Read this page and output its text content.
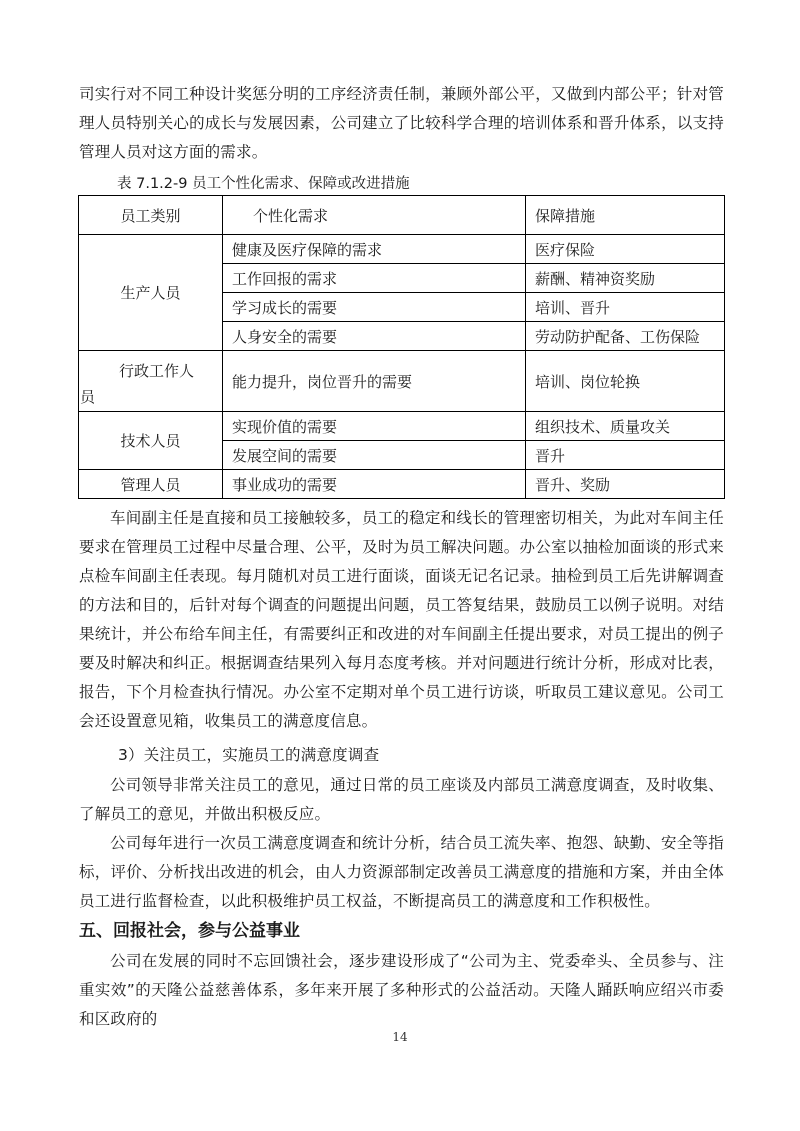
司实行对不同工种设计奖惩分明的工序经济责任制，兼顾外部公平，又做到内部公平；针对管理人员特别关心的成长与发展因素，公司建立了比较科学合理的培训体系和晋升体系，以支持管理人员对这方面的需求。

表 7.1.2-9 员工个性化需求、保障或改进措施

员工类别	个性化需求	保障措施
生产人员	健康及医疗保障的需求	医疗保险
	工作回报的需求	薪酬、精神资奖励
	学习成长的需要	培训、晋升
	人身安全的需要	劳动防护配备、工伤保险

行政工作人
员	能力提升，岗位晋升的需要	培训、岗位轮换
技术人员	实现价值的需要	组织技术、质量攻关
	发展空间的需要	晋升
管理人员	事业成功的需要	晋升、奖励

车间副主任是直接和员工接触较多，员工的稳定和线长的管理密切相关，为此对车间主任要求在管理员工过程中尽量合理、公平，及时为员工解决问题。办公室以抽检加面谈的形式来点检车间副主任表现。每月随机对员工进行面谈，面谈无记名记录。抽检到员工后先讲解调查的方法和目的，后针对每个调查的问题提出问题，员工答复结果，鼓励员工以例子说明。对结果统计，并公布给车间主任，有需要纠正和改进的对车间副主任提出要求，对员工提出的例子要及时解决和纠正。根据调查结果列入每月态度考核。并对问题进行统计分析，形成对比表，报告，下个月检查执行情况。办公室不定期对单个员工进行访谈，听取员工建议意见。公司工会还设置意见箱，收集员工的满意度信息。

3）关注员工，实施员工的满意度调查

公司领导非常关注员工的意见，通过日常的员工座谈及内部员工满意度调查，及时收集、了解员工的意见，并做出积极反应。

公司每年进行一次员工满意度调查和统计分析，结合员工流失率、抱怨、缺勤、安全等指标，评价、分析找出改进的机会，由人力资源部制定改善员工满意度的措施和方案，并由全体员工进行监督检查，以此积极维护员工权益，不断提高员工的满意度和工作积极性。

五、回报社会，参与公益事业

公司在发展的同时不忘回馈社会，逐步建设形成了“公司为主、党委牵头、全员参与、注重实效”的天隆公益慈善体系，多年来开展了多种形式的公益活动。天隆人踊跃响应绍兴市委和区政府的

14
